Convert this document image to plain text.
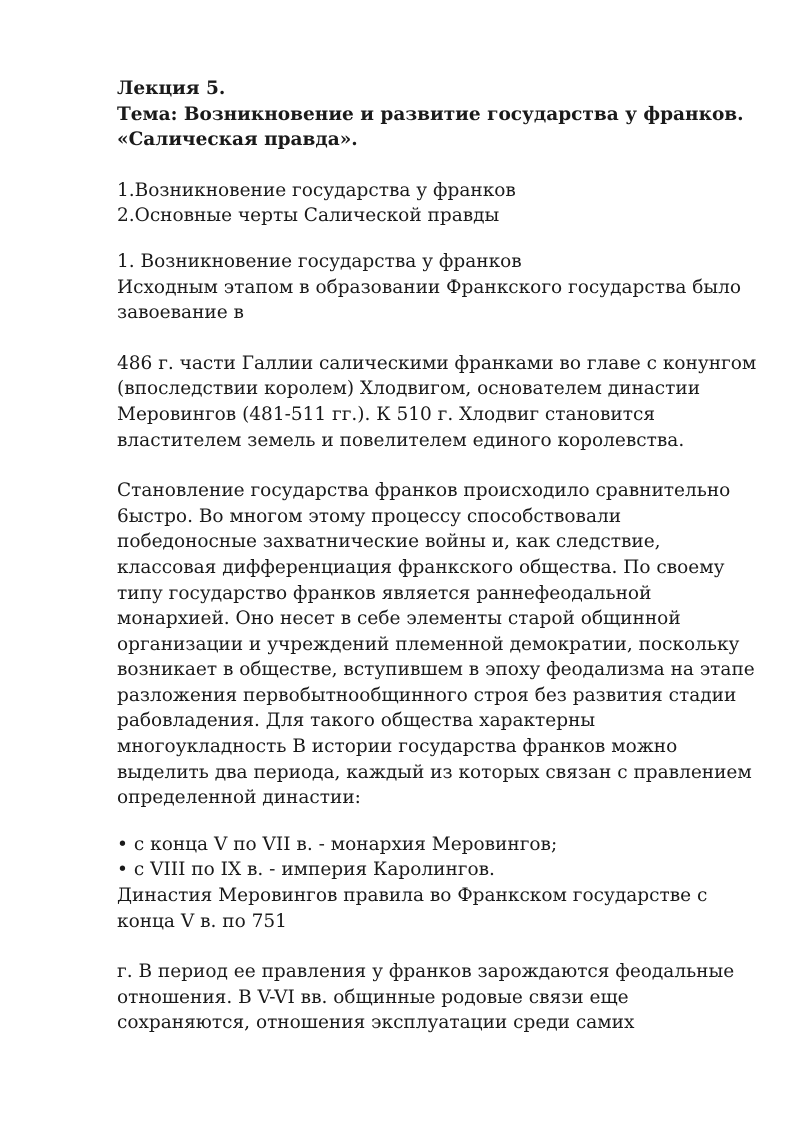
Лекция 5.
Тема: Возникновение и развитие государства у франков.
«Салическая правда».
1.Возникновение государства у франков
2.Основные черты Салической правды
1. Возникновение государства у франков
Исходным этапом в образовании Франкского государства было завоевание в
486 г. части Галлии салическими франками во главе с конунгом (впоследствии королем) Хлодвигом, основателем династии Меровингов (481-511 гг.). К 510 г. Хлодвиг становится властителем земель и повелителем единого королевства.
Становление государства франков происходило сравнительно 6ыстро. Во многом этому процессу способствовали победоносные захватнические войны и, как следствие, классовая дифференциация франкского общества. По своему типу государство франков является раннефеодальной монархией. Оно несет в себе элементы старой общинной организации и учреждений племенной демократии, поскольку возникает в обществе, вступившем в эпоху феодализма на этапе разложения первобытнообщинного строя без развития стадии рабовладения. Для такого общества характерны многоукладность В истории государства франков можно выделить два периода, каждый из которых связан с правлением определенной династии:
• с конца V по VII в. - монархия Меровингов;
• с VIII по IX в. - империя Каролингов.
Династия Меровингов правила во Франкском государстве с конца V в. по 751
г. В период ее правления у франков зарождаются феодальные отношения. В V-VI вв. общинные родовые связи еще сохраняются, отношения эксплуатации среди самих
